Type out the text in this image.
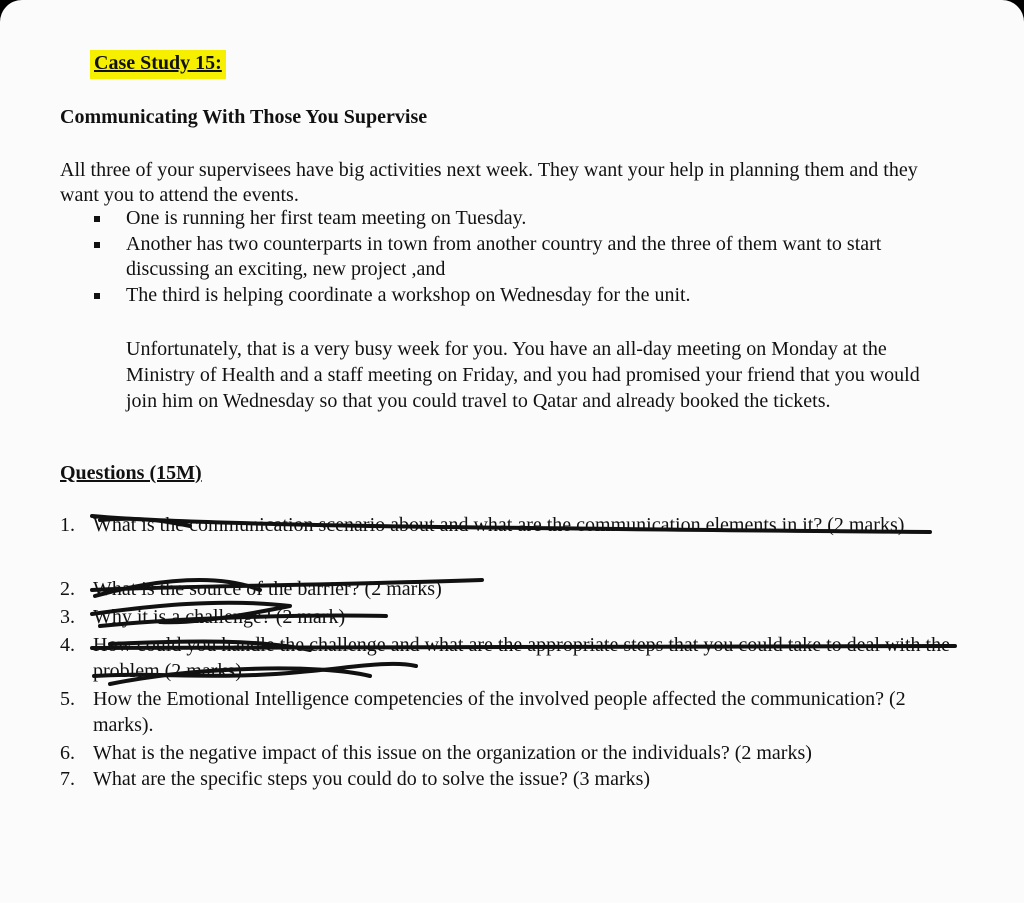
Case Study 15:
Communicating With Those You Supervise
All three of your supervisees have big activities next week. They want your help in planning them and they want you to attend the events.
One is running her first team meeting on Tuesday.
Another has two counterparts in town from another country and the three of them want to start discussing an exciting, new project ,and
The third is helping coordinate a workshop on Wednesday for the unit.
Unfortunately, that is a very busy week for you. You have an all-day meeting on Monday at the Ministry of Health and a staff meeting on Friday, and you had promised your friend that you would join him on Wednesday so that you could travel to Qatar and already booked the tickets.
Questions (15M)
1. What is the communication scenario about and what are the communication elements in it? (2 marks)
2. What is the source of the barrier? (2 marks)
3. Why it is a challenge? (2 mark)
4. How could you handle the challenge and what are the appropriate steps that you could take to deal with the problem (2 marks)
5. How the Emotional Intelligence competencies of the involved people affected the communication? (2 marks).
6. What is the negative impact of this issue on the organization or the individuals? (2 marks)
7. What are the specific steps you could do to solve the issue? (3 marks)
